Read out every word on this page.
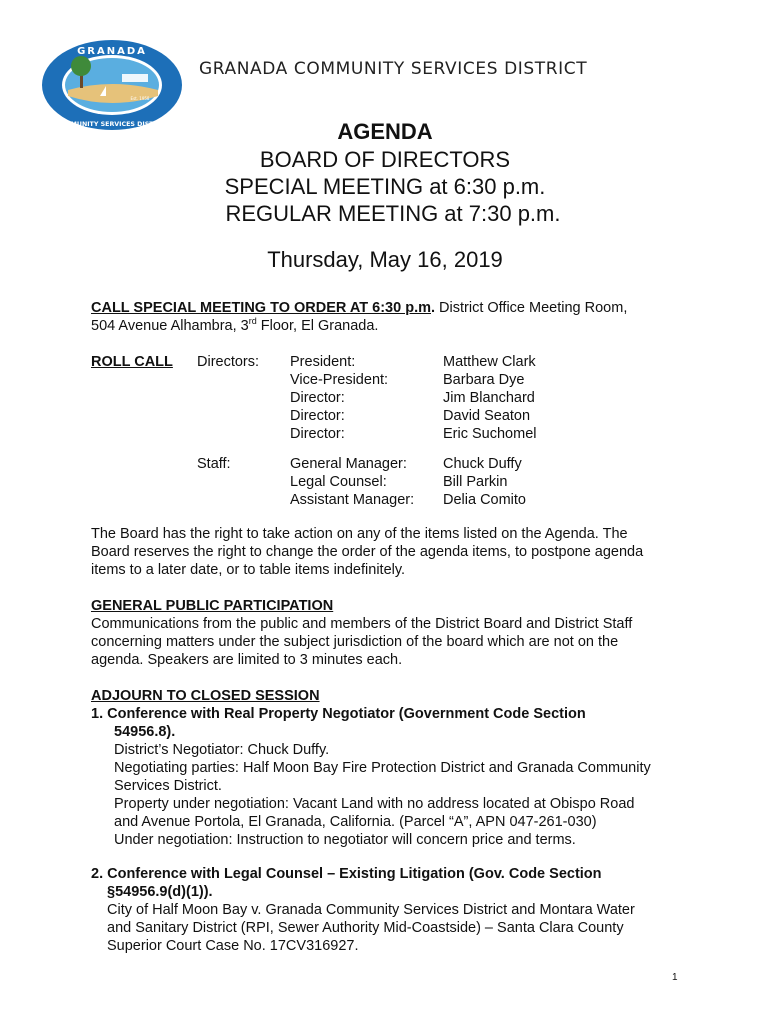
GRANADA
COMMUNITY SERVICES DISTRICT
Est. 1958
GRANADA COMMUNITY SERVICES DISTRICT
AGENDA
BOARD OF DIRECTORS
SPECIAL MEETING at 6:30 p.m.
REGULAR MEETING at 7:30 p.m.
Thursday, May 16, 2019
CALL SPECIAL MEETING TO ORDER AT 6:30 p.m. District Office Meeting Room,
504 Avenue Alhambra, 3rd Floor, El Granada.
ROLL CALL Directors: President:
Vice-President:
Director:
Director:
Director:
Matthew Clark
Barbara Dye
Jim Blanchard
David Seaton
Eric Suchomel
Staff:	General Manager:
Legal Counsel:
Assistant Manager:
Chuck Duffy
Bill Parkin
Delia Comito
The Board has the right to take action on any of the items listed on the Agenda. The
Board reserves the right to change the order of the agenda items, to postpone agenda
items to a later date, or to table items indefinitely.
GENERAL PUBLIC PARTICIPATION
Communications from the public and members of the District Board and District Staff
concerning matters under the subject jurisdiction of the board which are not on the
agenda. Speakers are limited to 3 minutes each.
ADJOURN TO CLOSED SESSION
1. Conference with Real Property Negotiator (Government Code Section
54956.8).
District’s Negotiator: Chuck Duffy.
Negotiating parties: Half Moon Bay Fire Protection District and Granada Community
Services District.
Property under negotiation: Vacant Land with no address located at Obispo Road
and Avenue Portola, El Granada, California. (Parcel “A”, APN 047-261-030)
Under negotiation: Instruction to negotiator will concern price and terms.
2. Conference with Legal Counsel – Existing Litigation (Gov. Code Section
§54956.9(d)(1)).
City of Half Moon Bay v. Granada Community Services District and Montara Water
and Sanitary District (RPI, Sewer Authority Mid-Coastside) – Santa Clara County
Superior Court Case No. 17CV316927.
1
